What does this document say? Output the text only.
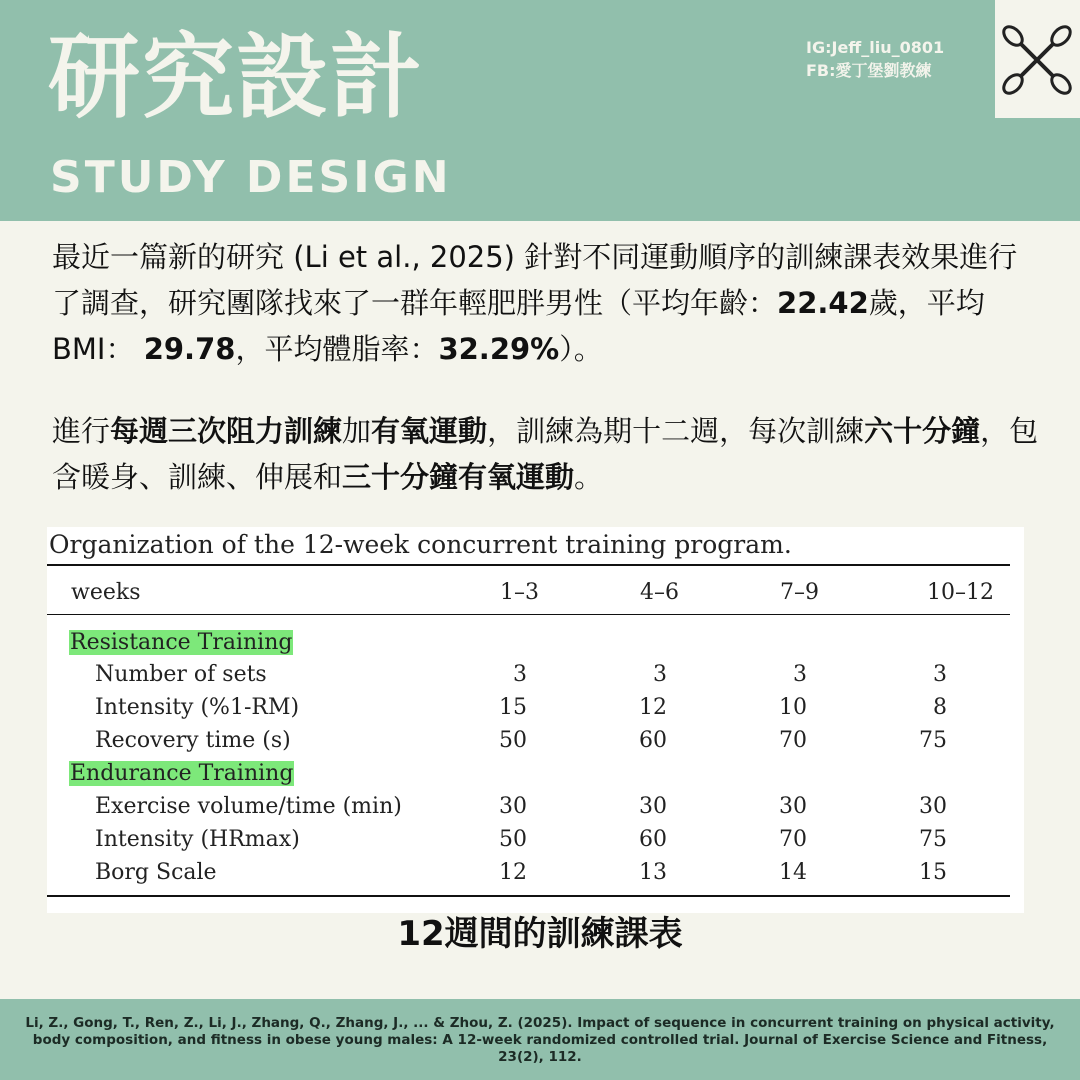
研究設計
STUDY DESIGN
IG:Jeff_liu_0801
FB:愛丁堡劉教練
最近一篇新的研究 (Li et al., 2025) 針對不同運動順序的訓練課表效果進行了調查，研究團隊找來了一群年輕肥胖男性（平均年齡：22.42歲，平均BMI： 29.78，平均體脂率：32.29%）。
進行每週三次阻力訓練加有氧運動，訓練為期十二週，每次訓練六十分鐘，包含暖身、訓練、伸展和三十分鐘有氧運動。
Organization of the 12-week concurrent training program.
weeks	1–3	4–6	7–9	10–12
Resistance Training
Number of sets	3	3	3	3
Intensity (%1-RM)	15	12	10	8
Recovery time (s)	50	60	70	75
Endurance Training
Exercise volume/time (min)	30	30	30	30
Intensity (HRmax)	50	60	70	75
Borg Scale	12	13	14	15
12週間的訓練課表
Li, Z., Gong, T., Ren, Z., Li, J., Zhang, Q., Zhang, J., ... & Zhou, Z. (2025). Impact of sequence in concurrent training on physical activity, body composition, and fitness in obese young males: A 12-week randomized controlled trial. Journal of Exercise Science and Fitness, 23(2), 112.
